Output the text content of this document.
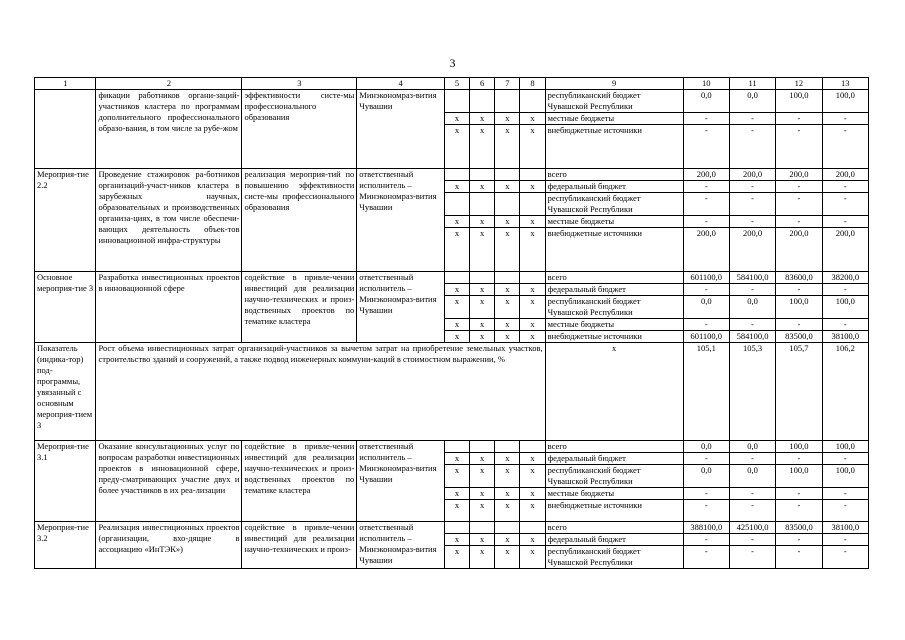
3
1	2	3	4	5	6	7	8	9	10	11	12	13
	фикации работников органи-заций-участников кластера по программам дополнительного профессионального образо-вания, в том числе за рубе-жом	эффективности систе-мы профессионального образования	Минэкономраз-вития Чувашии					республиканский бюджет Чувашской Республики	0,0	0,0	100,0	100,0
				x	x	x	x	местные бюджеты	-	-	-	-
				x	x	x	x	внебюджетные источники	-	-	-	-
Мероприя-тие 2.2	Проведение стажировок ра-ботников организаций-участ-ников кластера в зарубежных научных, образовательных и производственных организа-циях, в том числе обеспечи-вающих деятельность объек-тов инновационной инфра-структуры	реализация мероприя-тий по повышению эффективности систе-мы профессионального образования	ответственный исполнитель – Минэкономраз-вития Чувашии					всего	200,0	200,0	200,0	200,0
				x	x	x	x	федеральный бюджет	-	-	-	-
								республиканский бюджет Чувашской Республики	-	-	-	-
				x	x	x	x	местные бюджеты	-	-	-	-
				x	x	x	x	внебюджетные источники	200,0	200,0	200,0	200,0
Основное мероприя-тие 3	Разработка инвестиционных проектов в инновационной сфере	содействие в привле-чении инвестиций для реализации научно-технических и произ-водственных проектов по тематике кластера	ответственный исполнитель – Минэкономраз-вития Чувашии					всего	601100,0	584100,0	83600,0	38200,0
				x	x	x	x	федеральный бюджет	-	-	-	-
				x	x	x	x	республиканский бюджет Чувашской Республики	0,0	0,0	100,0	100,0
				x	x	x	x	местные бюджеты	-	-	-	-
				x	x	x	x	внебюджетные источники	601100,0	584100,0	83500,0	38100,0
Показатель (индика-тор) под-программы, увязанный с основным мероприя-тием 3	Рост объема инвестиционных затрат организаций-участников за вычетом затрат на приобретение земельных участков, строительство зданий и сооружений, а также подвод инженерных коммуни-каций в стоимостном выражении, %							x	105,1	105,3	105,7	106,2
Мероприя-тие 3.1	Оказание консультационных услуг по вопросам разработки инвестиционных проектов в инновационной сфере, преду-сматривающих участие двух и более участников в их реа-лизации	содействие в привле-чении инвестиций для реализации научно-технических и произ-водственных проектов по тематике кластера	ответственный исполнитель – Минэкономраз-вития Чувашии					всего	0,0	0,0	100,0	100,0
				x	x	x	x	федеральный бюджет	-	-	-	-
				x	x	x	x	республиканский бюджет Чувашской Республики	0,0	0,0	100,0	100,0
				x	x	x	x	местные бюджеты	-	-	-	-
				x	x	x	x	внебюджетные источники	-	-	-	-
Мероприя-тие 3.2	Реализация инвестиционных проектов (организации, вхо-дящие в ассоциацию «ИнТЭК»)	содействие в привле-чении инвестиций для реализации научно-технических и произ-	ответственный исполнитель – Минэкономраз-вития Чувашии					всего	388100,0	425100,0	83500,0	38100,0
				x	x	x	x	федеральный бюджет	-	-	-	-
				x	x	x	x	республиканский бюджет Чувашской Республики	-	-	-	-
